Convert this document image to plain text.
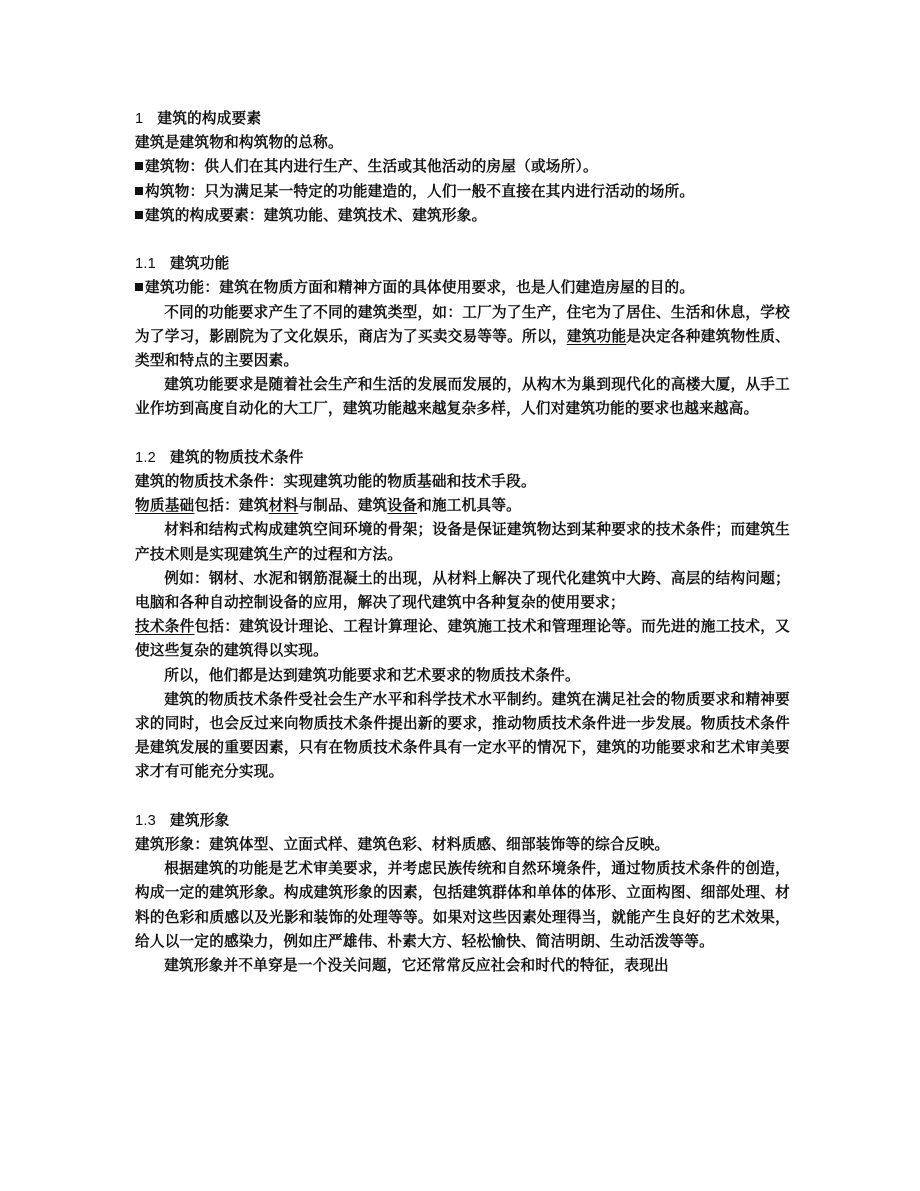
1 建筑的构成要素

建筑是建筑物和构筑物的总称。

建筑物：供人们在其内进行生产、生活或其他活动的房屋（或场所）。

构筑物：只为满足某一特定的功能建造的，人们一般不直接在其内进行活动的场所。

建筑的构成要素：建筑功能、建筑技术、建筑形象。

1.1 建筑功能

建筑功能：建筑在物质方面和精神方面的具体使用要求，也是人们建造房屋的目的。

不同的功能要求产生了不同的建筑类型，如：工厂为了生产，住宅为了居住、生活和休息，学校为了学习，影剧院为了文化娱乐，商店为了买卖交易等等。所以，建筑功能是决定各种建筑物性质、类型和特点的主要因素。

建筑功能要求是随着社会生产和生活的发展而发展的，从构木为巢到现代化的高楼大厦，从手工业作坊到高度自动化的大工厂，建筑功能越来越复杂多样，人们对建筑功能的要求也越来越高。

1.2 建筑的物质技术条件

建筑的物质技术条件：实现建筑功能的物质基础和技术手段。

物质基础包括：建筑材料与制品、建筑设备和施工机具等。

材料和结构式构成建筑空间环境的骨架；设备是保证建筑物达到某种要求的技术条件；而建筑生产技术则是实现建筑生产的过程和方法。

例如：钢材、水泥和钢筋混凝土的出现，从材料上解决了现代化建筑中大跨、高层的结构问题；电脑和各种自动控制设备的应用，解决了现代建筑中各种复杂的使用要求；

技术条件包括：建筑设计理论、工程计算理论、建筑施工技术和管理理论等。而先进的施工技术，又使这些复杂的建筑得以实现。

所以，他们都是达到建筑功能要求和艺术要求的物质技术条件。

建筑的物质技术条件受社会生产水平和科学技术水平制约。建筑在满足社会的物质要求和精神要求的同时，也会反过来向物质技术条件提出新的要求，推动物质技术条件进一步发展。物质技术条件是建筑发展的重要因素，只有在物质技术条件具有一定水平的情况下，建筑的功能要求和艺术审美要求才有可能充分实现。

1.3 建筑形象

建筑形象：建筑体型、立面式样、建筑色彩、材料质感、细部装饰等的综合反映。

根据建筑的功能是艺术审美要求，并考虑民族传统和自然环境条件，通过物质技术条件的创造，构成一定的建筑形象。构成建筑形象的因素，包括建筑群体和单体的体形、立面构图、细部处理、材料的色彩和质感以及光影和装饰的处理等等。如果对这些因素处理得当，就能产生良好的艺术效果，给人以一定的感染力，例如庄严雄伟、朴素大方、轻松愉快、简洁明朗、生动活泼等等。

建筑形象并不单穿是一个没关问题，它还常常反应社会和时代的特征，表现出
